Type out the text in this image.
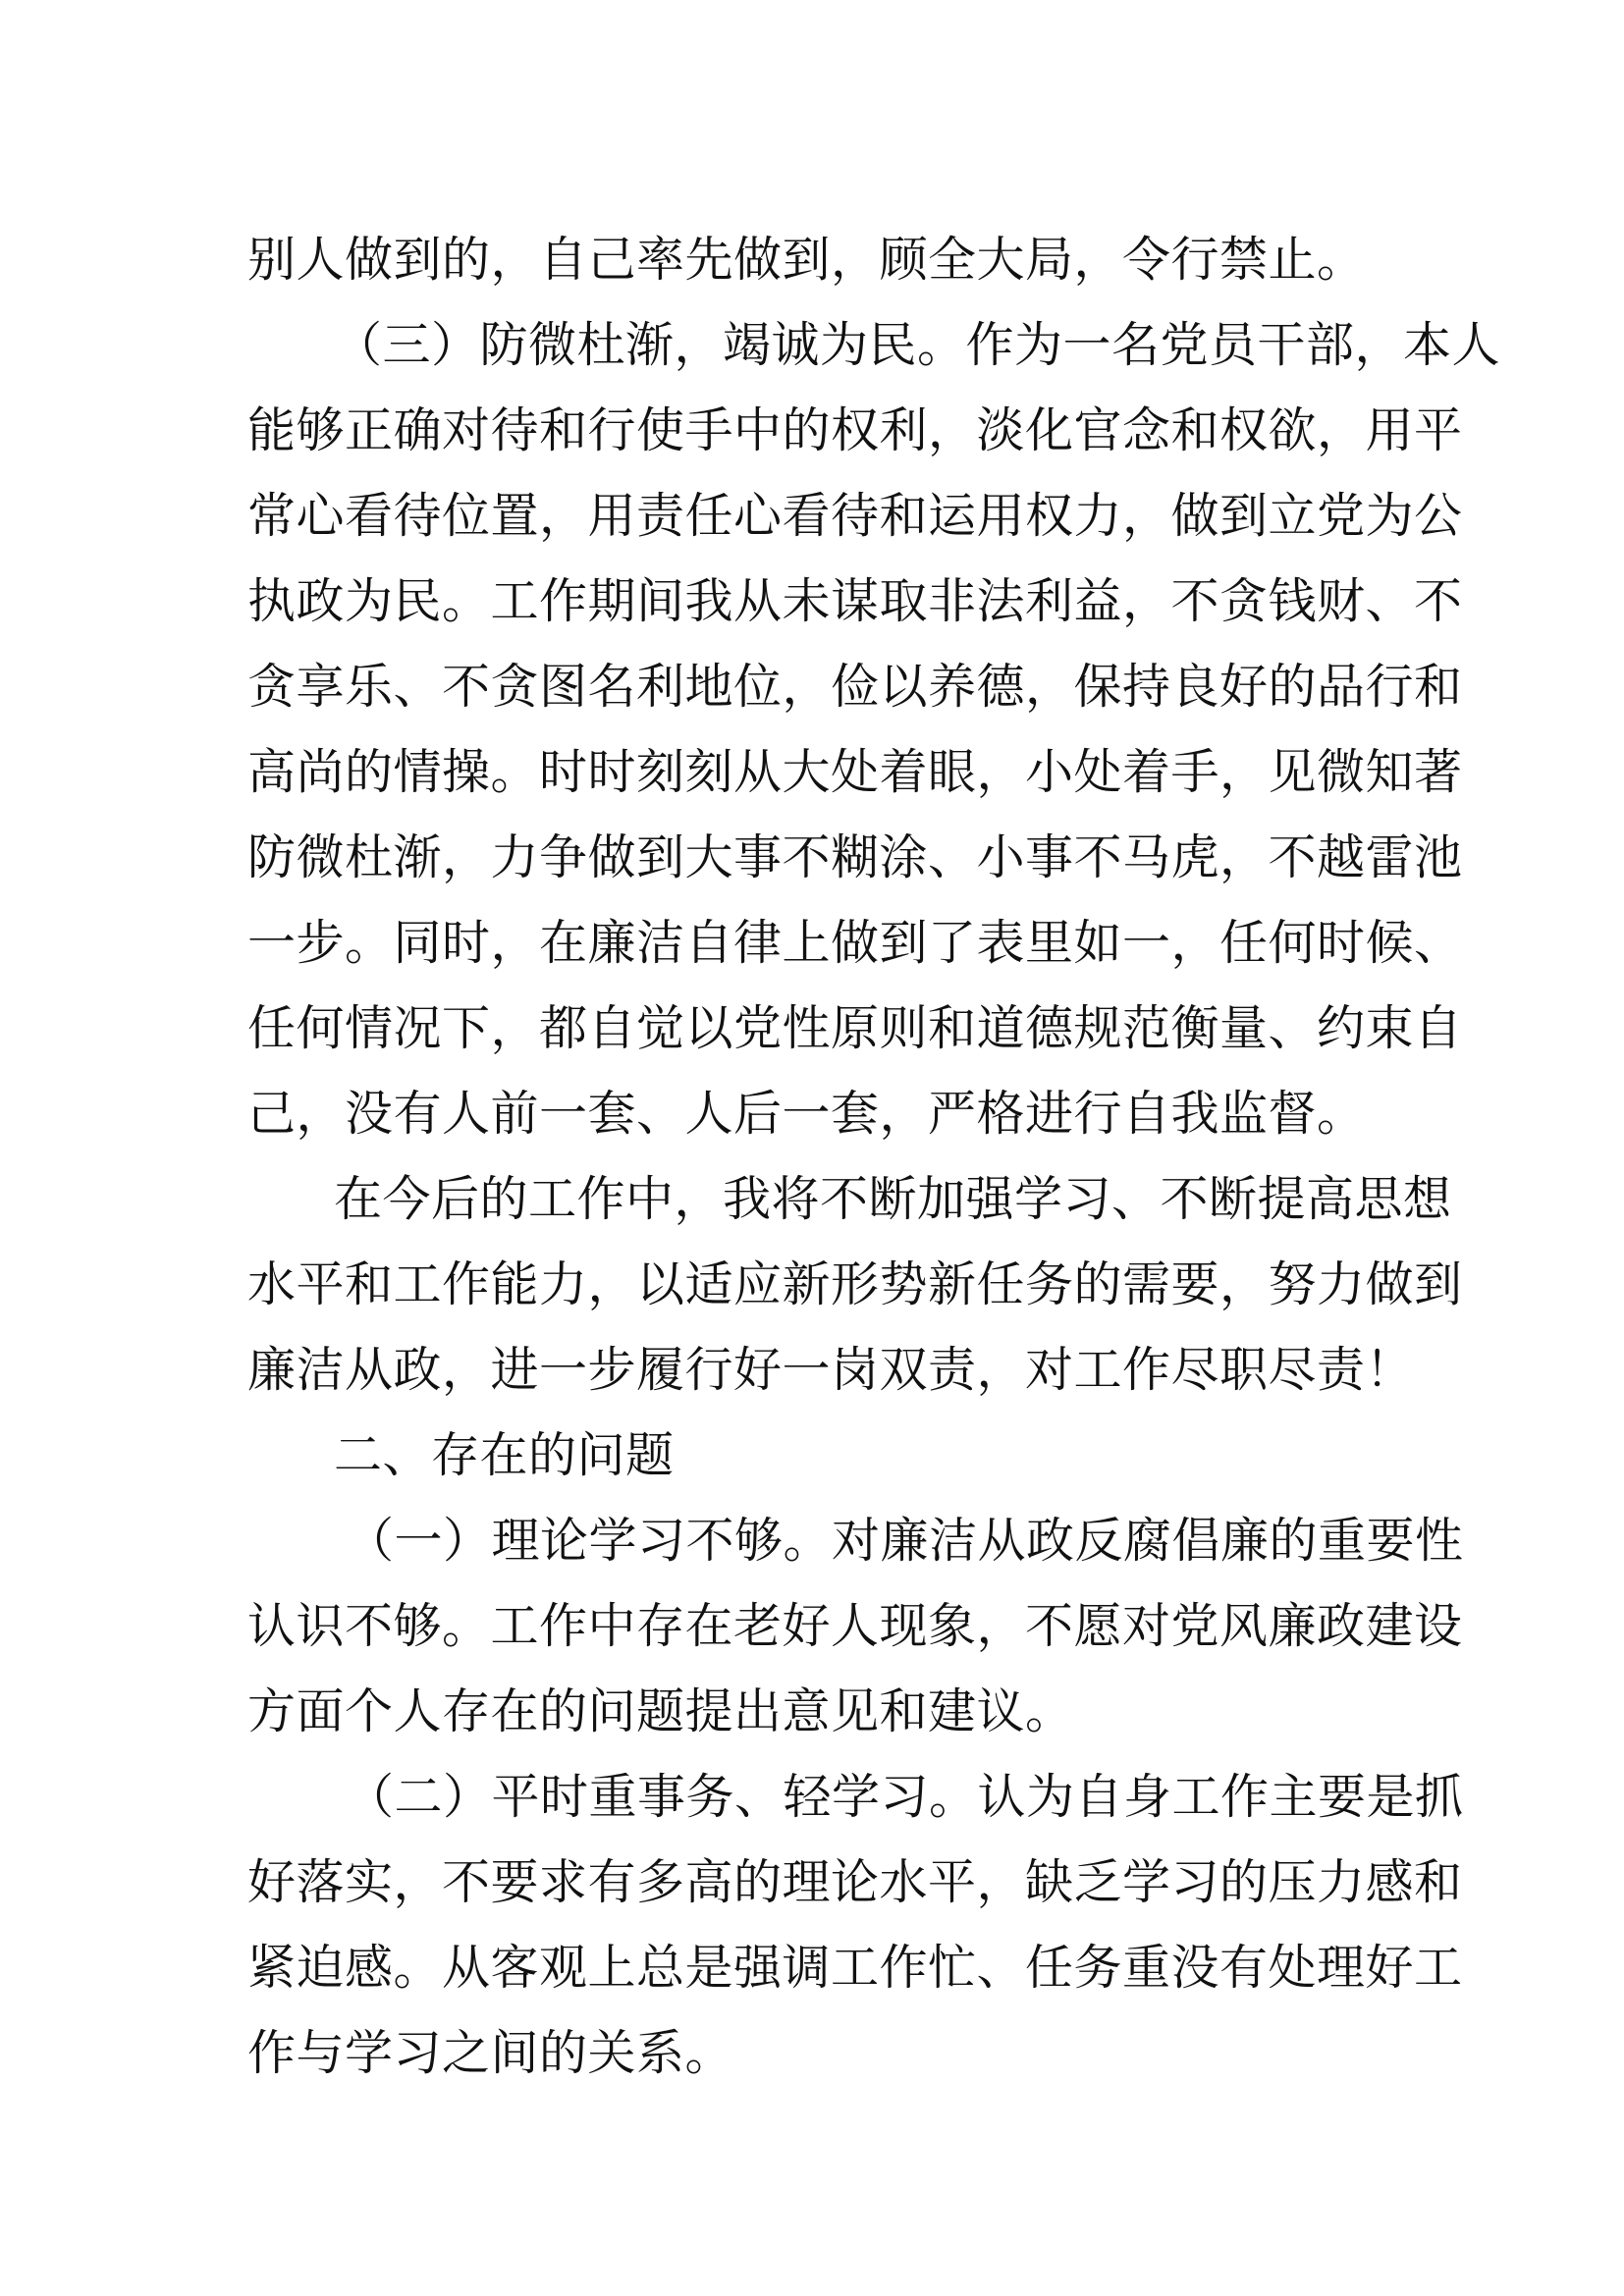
别人做到的，自己率先做到，顾全大局，令行禁止。
（三）防微杜渐，竭诚为民。作为一名党员干部，本人
能够正确对待和行使手中的权利，淡化官念和权欲，用平
常心看待位置，用责任心看待和运用权力，做到立党为公
执政为民。工作期间我从未谋取非法利益，不贪钱财、不
贪享乐、不贪图名利地位，俭以养德，保持良好的品行和
高尚的情操。时时刻刻从大处着眼，小处着手，见微知著
防微杜渐，力争做到大事不糊涂、小事不马虎，不越雷池
一步。同时，在廉洁自律上做到了表里如一，任何时候、
任何情况下，都自觉以党性原则和道德规范衡量、约束自
己，没有人前一套、人后一套，严格进行自我监督。
在今后的工作中，我将不断加强学习、不断提高思想
水平和工作能力，以适应新形势新任务的需要，努力做到
廉洁从政，进一步履行好一岗双责，对工作尽职尽责！
二、存在的问题
（一）理论学习不够。对廉洁从政反腐倡廉的重要性
认识不够。工作中存在老好人现象，不愿对党风廉政建设
方面个人存在的问题提出意见和建议。
（二）平时重事务、轻学习。认为自身工作主要是抓
好落实，不要求有多高的理论水平，缺乏学习的压力感和
紧迫感。从客观上总是强调工作忙、任务重没有处理好工
作与学习之间的关系。
